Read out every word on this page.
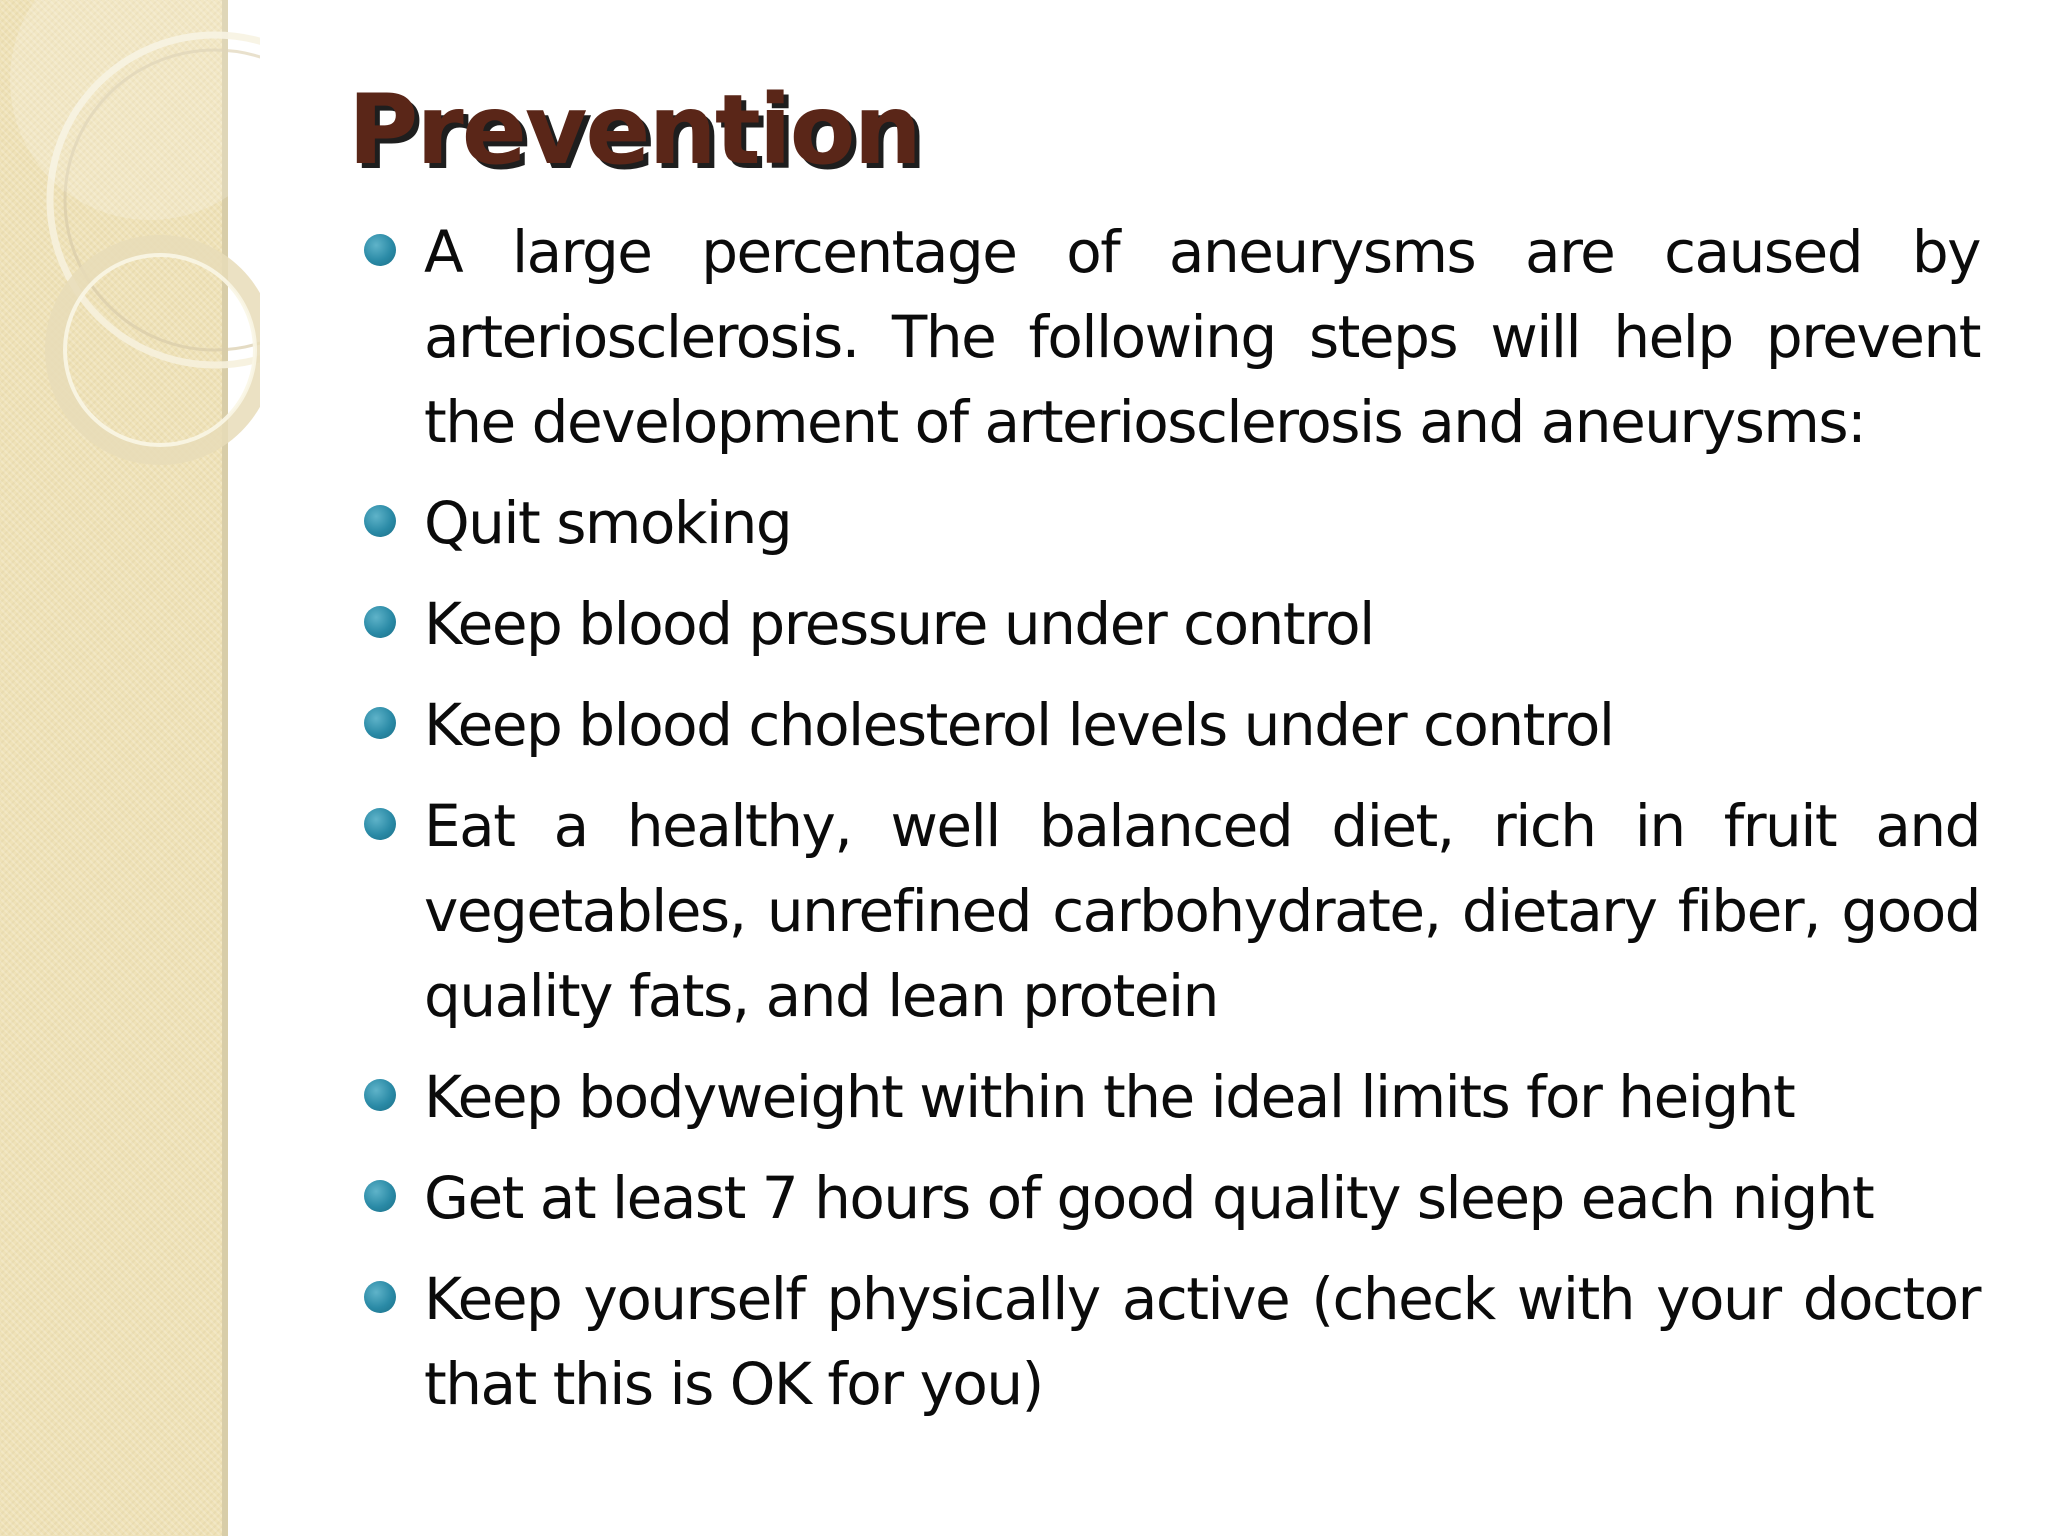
Prevention
A large percentage of aneurysms are caused by arteriosclerosis. The following steps will help prevent the development of arteriosclerosis and aneurysms:
Quit smoking
Keep blood pressure under control
Keep blood cholesterol levels under control
Eat a healthy, well balanced diet, rich in fruit and vegetables, unrefined carbohydrate, dietary fiber, good quality fats, and lean protein
Keep bodyweight within the ideal limits for height
Get at least 7 hours of good quality sleep each night
Keep yourself physically active (check with your doctor that this is OK for you)
